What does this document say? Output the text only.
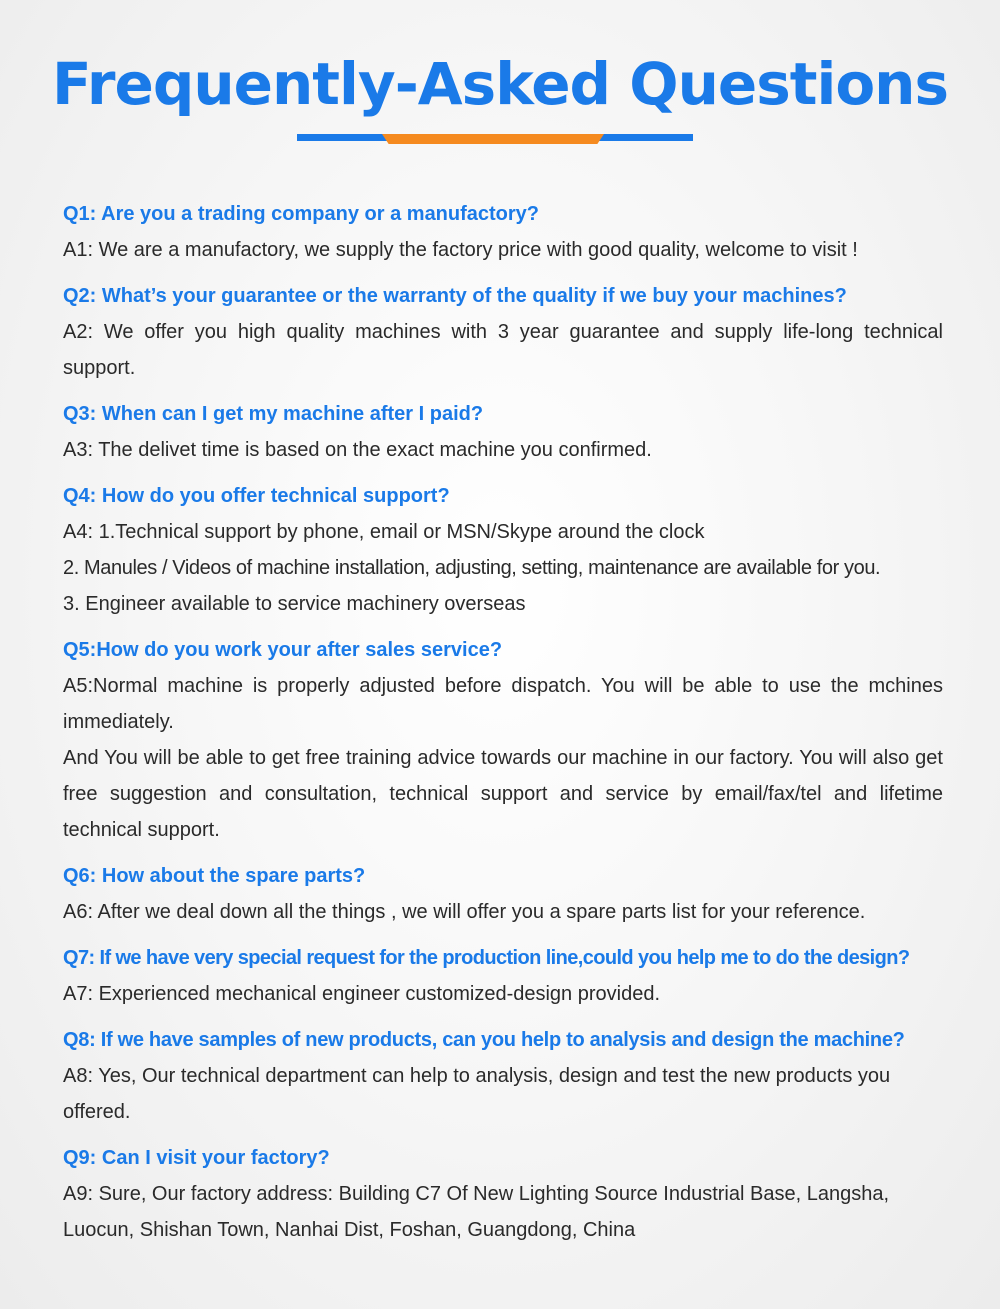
Frequently-Asked Questions

Q1: Are you a trading company or a manufactory?

A1: We are a manufactory, we supply the factory price with good quality, welcome to visit !

Q2: What’s your guarantee or the warranty of the quality if we buy your machines?

A2: We offer you high quality machines with 3 year guarantee and supply life-long technical support.

Q3: When can I get my machine after I paid?

A3: The delivet time is based on the exact machine you confirmed.

Q4: How do you offer technical support?

A4: 1.Technical support by phone, email or MSN/Skype around the clock

2. Manules / Videos of machine installation, adjusting, setting, maintenance are available for you.

3. Engineer available to service machinery overseas

Q5:How do you work your after sales service?

A5:Normal machine is properly adjusted before dispatch. You will be able to use the mchines immediately.

And You will be able to get free training advice towards our machine in our factory. You will also get free suggestion and consultation, technical support and service by email/fax/tel and lifetime technical support.

Q6: How about the spare parts?

A6: After we deal down all the things , we will offer you a spare parts list for your reference.

Q7: If we have very special request for the production line,could you help me to do the design?

A7: Experienced mechanical engineer customized-design provided.

Q8: If we have samples of new products, can you help to analysis and design the machine?

A8: Yes, Our technical department can help to analysis, design and test the new products you offered.

Q9: Can I visit your factory?

A9: Sure, Our factory address: Building C7 Of New Lighting Source Industrial Base, Langsha, Luocun, Shishan Town, Nanhai Dist, Foshan, Guangdong, China
